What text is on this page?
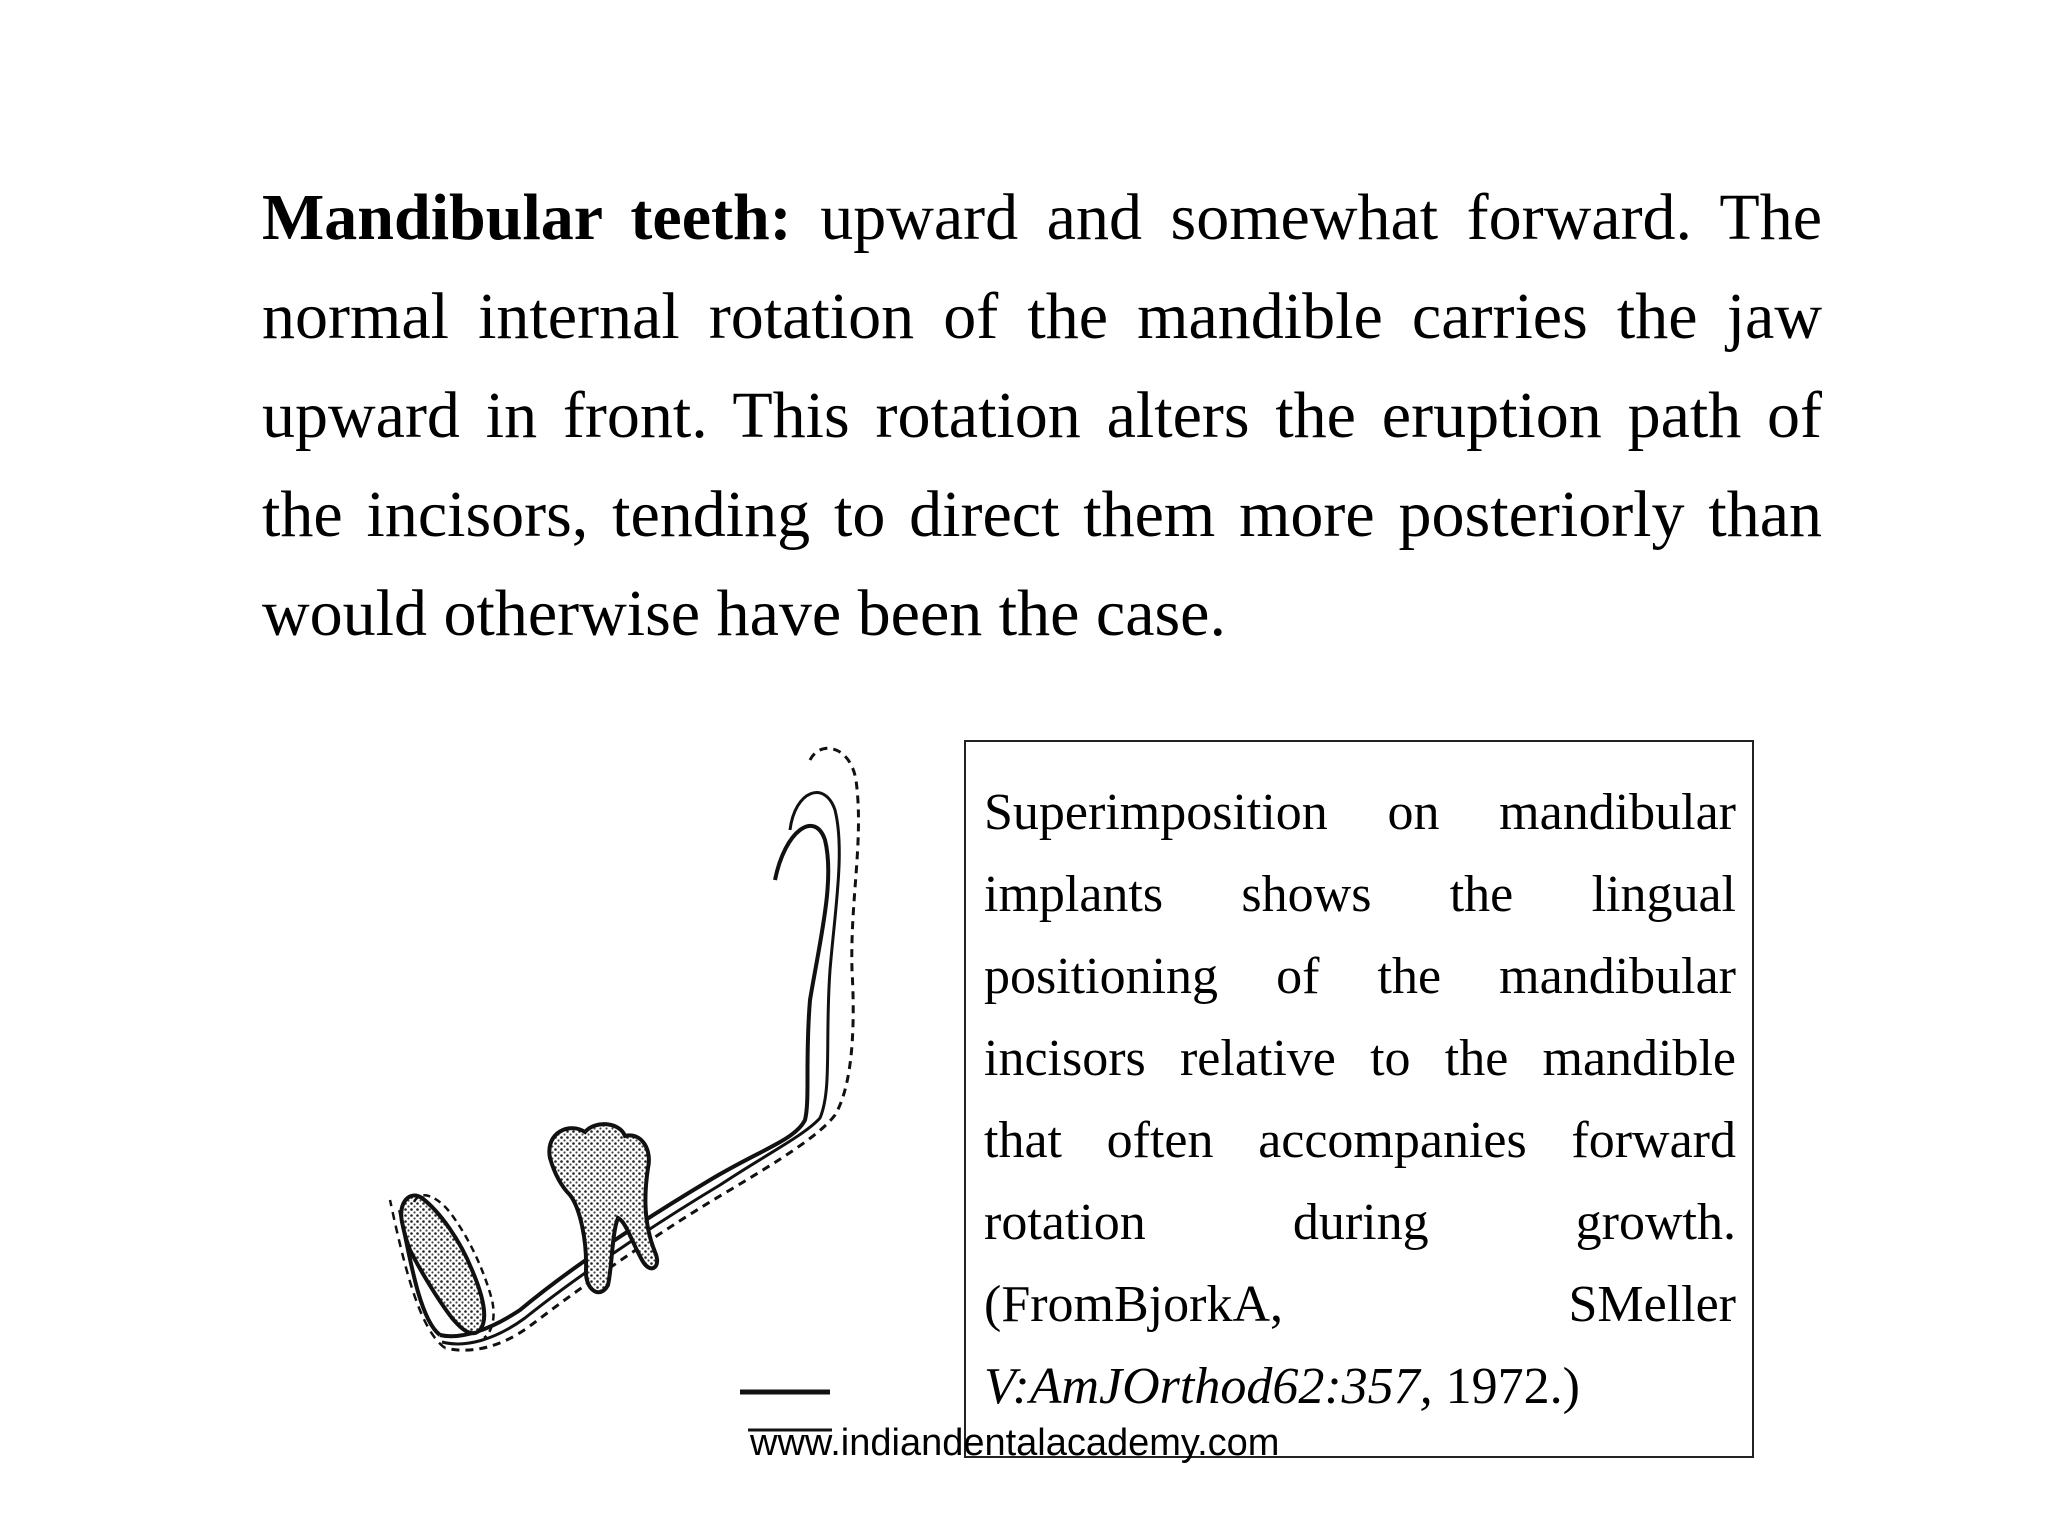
Mandibular teeth: upward and somewhat forward. The normal internal rotation of the mandible carries the jaw upward in front. This rotation alters the eruption path of the incisors, tending to direct them more posteriorly than would otherwise have been the case.

Superimposition on mandibular implants shows the lingual positioning of the mandibular incisors relative to the mandible that often accompanies forward rotation during growth. (FromBjorkA, SMeller
V:AmJOrthod62:357, 1972.)

www.indiandentalacademy.com
